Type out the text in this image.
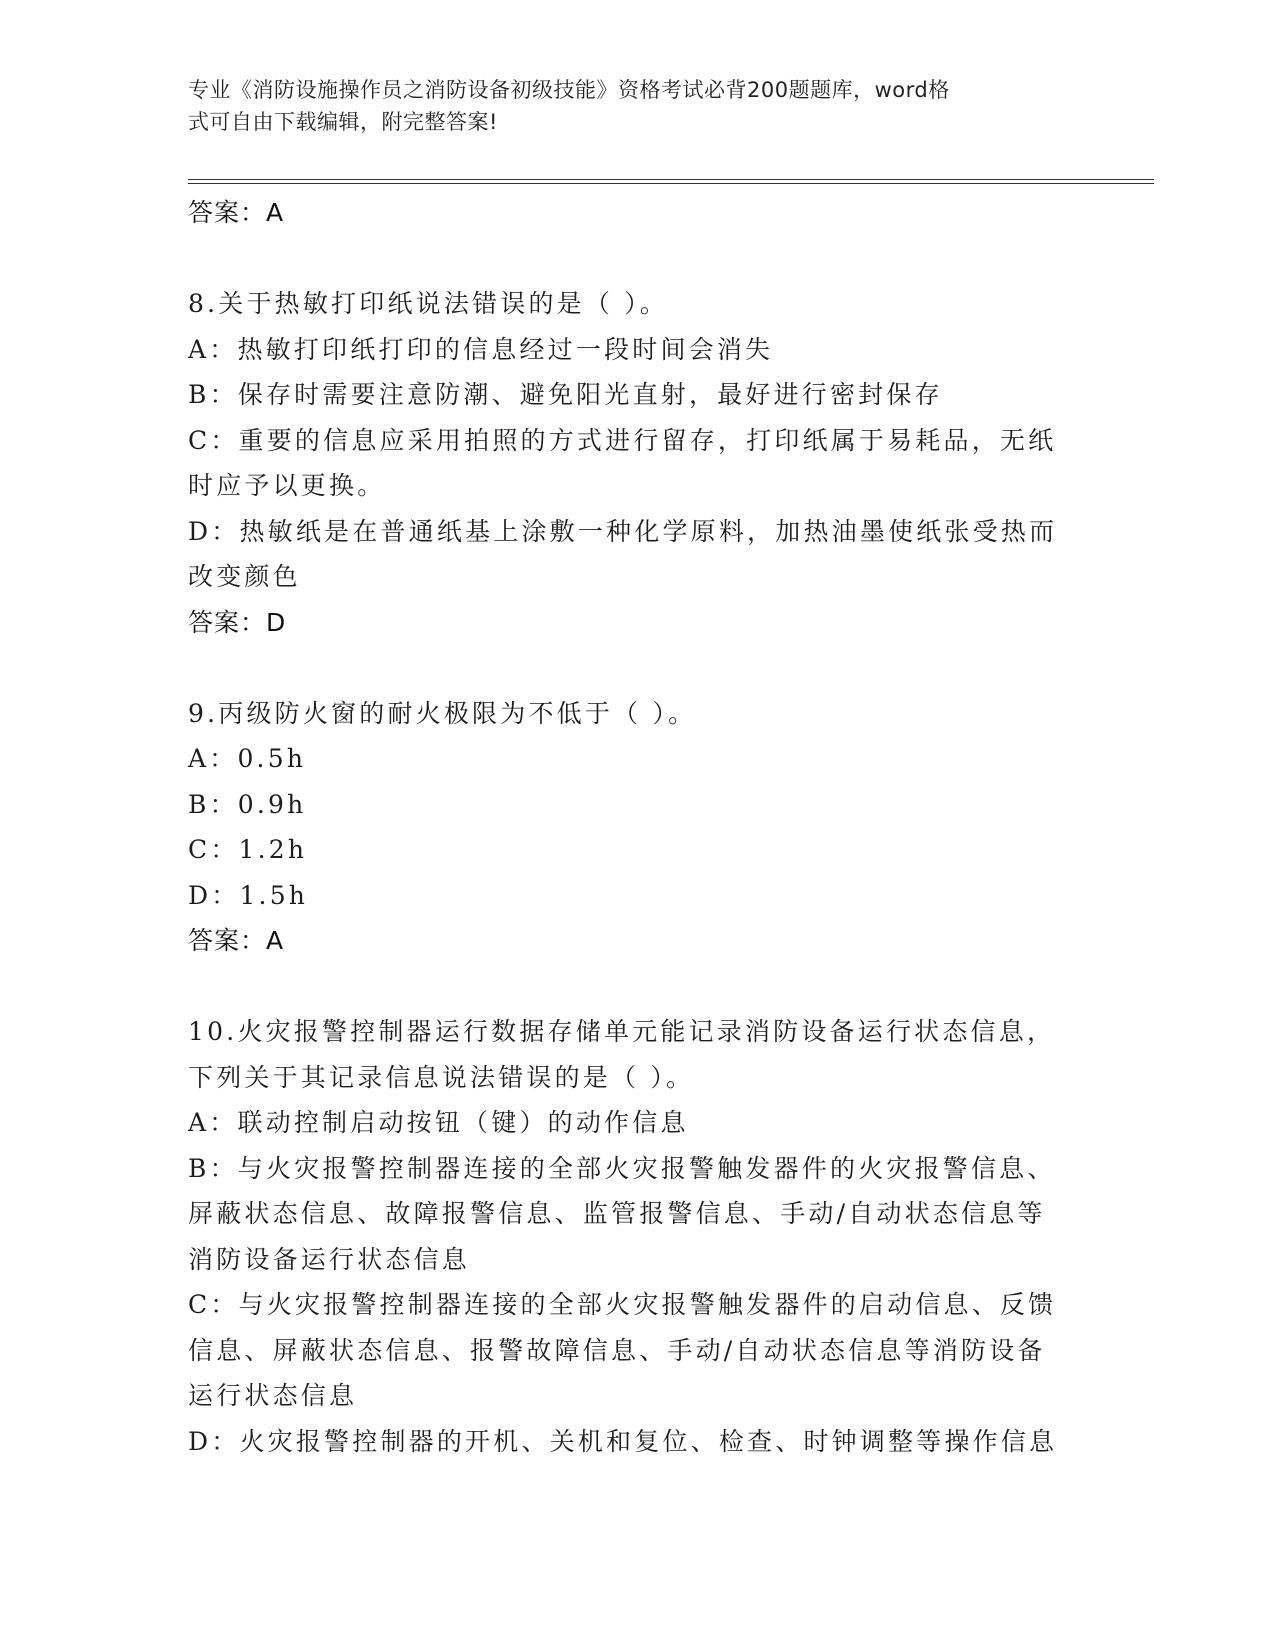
专业《消防设施操作员之消防设备初级技能》资格考试必背200题题库，word格
式可自由下载编辑，附完整答案!
答案：A
8.关于热敏打印纸说法错误的是（ ）。
A：热敏打印纸打印的信息经过一段时间会消失
B：保存时需要注意防潮、避免阳光直射，最好进行密封保存
C：重要的信息应采用拍照的方式进行留存，打印纸属于易耗品，无纸
时应予以更换。
D：热敏纸是在普通纸基上涂敷一种化学原料，加热油墨使纸张受热而
改变颜色
答案：D
9.丙级防火窗的耐火极限为不低于（ ）。
A：0.5h
B：0.9h
C：1.2h
D：1.5h
答案：A
10.火灾报警控制器运行数据存储单元能记录消防设备运行状态信息，
下列关于其记录信息说法错误的是（ ）。
A：联动控制启动按钮（键）的动作信息
B：与火灾报警控制器连接的全部火灾报警触发器件的火灾报警信息、
屏蔽状态信息、故障报警信息、监管报警信息、手动/自动状态信息等
消防设备运行状态信息
C：与火灾报警控制器连接的全部火灾报警触发器件的启动信息、反馈
信息、屏蔽状态信息、报警故障信息、手动/自动状态信息等消防设备
运行状态信息
D：火灾报警控制器的开机、关机和复位、检查、时钟调整等操作信息
